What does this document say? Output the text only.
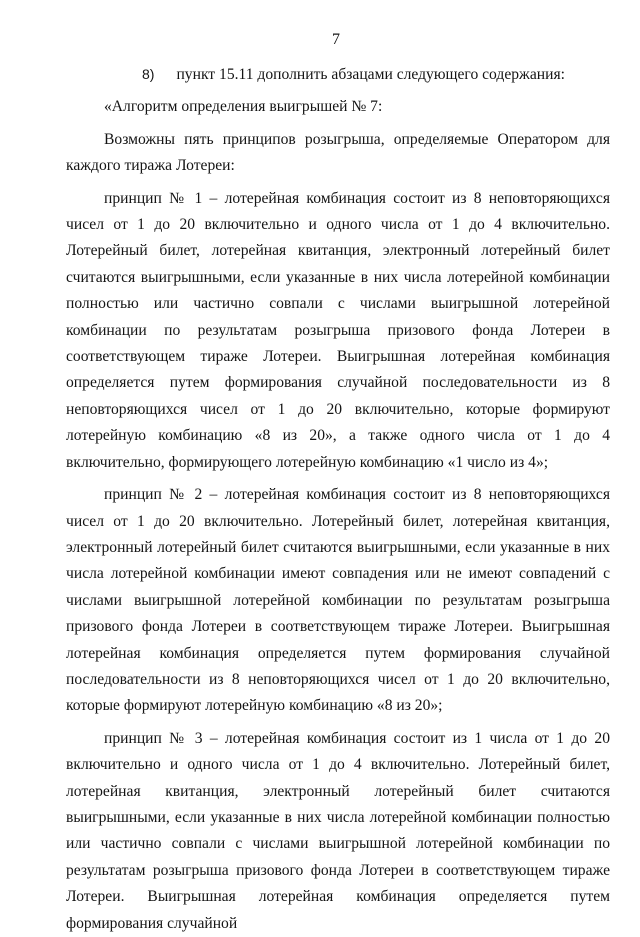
7

8) пункт 15.11 дополнить абзацами следующего содержания:

«Алгоритм определения выигрышей № 7:

Возможны пять принципов розыгрыша, определяемые Оператором для каждого тиража Лотереи:

принцип № 1 – лотерейная комбинация состоит из 8 неповторяющихся чисел от 1 до 20 включительно и одного числа от 1 до 4 включительно. Лотерейный билет, лотерейная квитанция, электронный лотерейный билет считаются выигрышными, если указанные в них числа лотерейной комбинации полностью или частично совпали с числами выигрышной лотерейной комбинации по результатам розыгрыша призового фонда Лотереи в соответствующем тираже Лотереи. Выигрышная лотерейная комбинация определяется путем формирования случайной последовательности из 8 неповторяющихся чисел от 1 до 20 включительно, которые формируют лотерейную комбинацию «8 из 20», а также одного числа от 1 до 4 включительно, формирующего лотерейную комбинацию «1 число из 4»;

принцип № 2 – лотерейная комбинация состоит из 8 неповторяющихся чисел от 1 до 20 включительно. Лотерейный билет, лотерейная квитанция, электронный лотерейный билет считаются выигрышными, если указанные в них числа лотерейной комбинации имеют совпадения или не имеют совпадений с числами выигрышной лотерейной комбинации по результатам розыгрыша призового фонда Лотереи в соответствующем тираже Лотереи. Выигрышная лотерейная комбинация определяется путем формирования случайной последовательности из 8 неповторяющихся чисел от 1 до 20 включительно, которые формируют лотерейную комбинацию «8 из 20»;

принцип № 3 – лотерейная комбинация состоит из 1 числа от 1 до 20 включительно и одного числа от 1 до 4 включительно. Лотерейный билет, лотерейная квитанция, электронный лотерейный билет считаются выигрышными, если указанные в них числа лотерейной комбинации полностью или частично совпали с числами выигрышной лотерейной комбинации по результатам розыгрыша призового фонда Лотереи в соответствующем тираже Лотереи. Выигрышная лотерейная комбинация определяется путем формирования случайной
